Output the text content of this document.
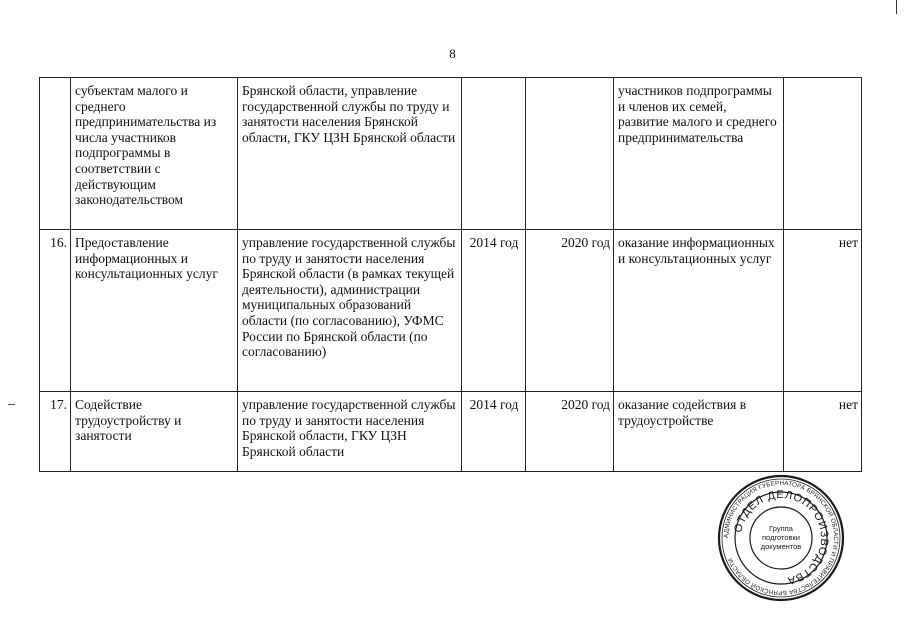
8
	субъектам малого и среднего предпринимательства из числа участников подпрограммы в соответствии с действующим законодательством	Брянской области, управление государственной службы по труду и занятости населения Брянской области, ГКУ ЦЗН Брянской области			участников подпрограммы и членов их семей, развитие малого и среднего предпринимательства	
16.	Предоставление информационных и консультационных услуг	управление государственной службы по труду и занятости населения Брянской области (в рамках текущей деятельности), администрации муниципальных образований области (по согласованию), УФМС России по Брянской области (по согласованию)	2014 год	2020 год	оказание информационных и консультационных услуг	нет
17.	Содействие трудоустройству и занятости	управление государственной службы по труду и занятости населения Брянской области, ГКУ ЦЗН Брянской области	2014 год	2020 год	оказание содействия в трудоустройстве	нет
АДМИНИСТРАЦИЯ ГУБЕРНАТОРА БРЯНСКОЙ ОБЛАСТИ И ПРАВИТЕЛЬСТВА БРЯНСКОЙ ОБЛАСТИ
ОТДЕЛ ДЕЛОПРОИЗВОДСТВА
Группа
подготовки
документов
